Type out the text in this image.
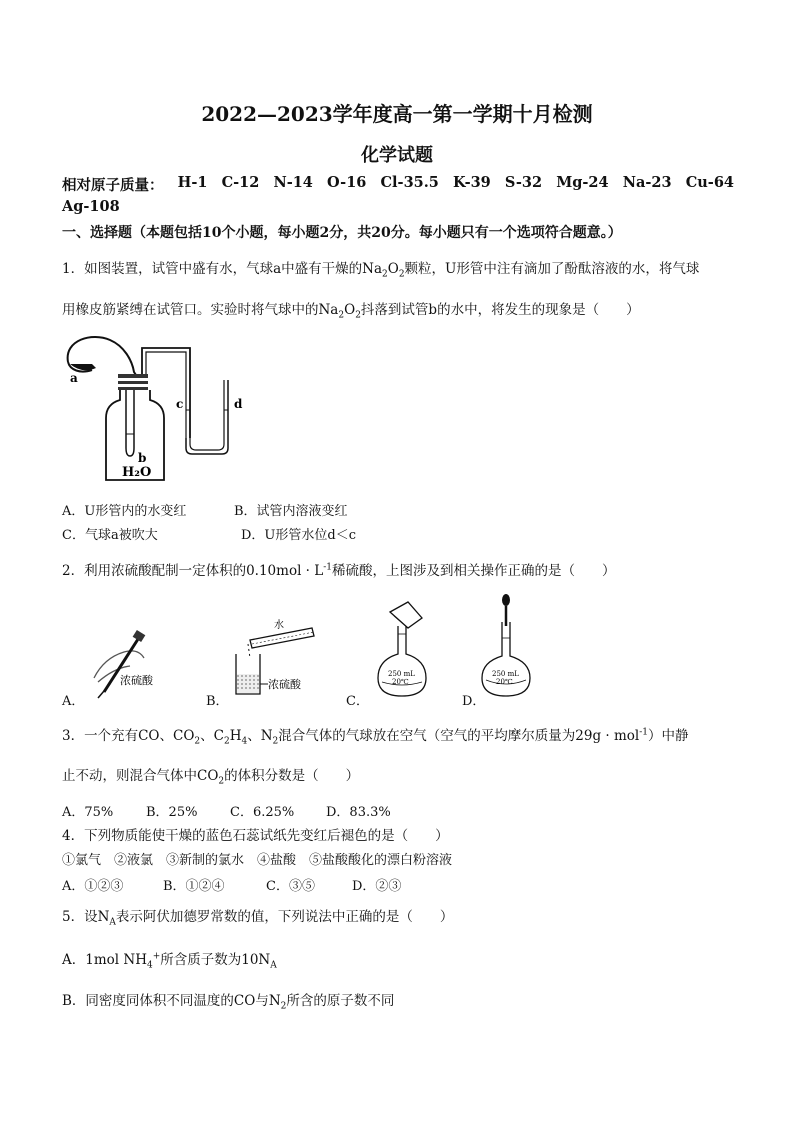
2022—2023学年度高一第一学期十月检测
化学试题
相对原子质量： H-1 C-12 N-14 O-16 Cl-35.5 K-39 S-32 Mg-24 Na-23 Cu-64
Ag-108
一、选择题（本题包括10个小题，每小题2分，共20分。每小题只有一个选项符合题意。）
1．如图装置，试管中盛有水，气球a中盛有干燥的$Na_2O_2$颗粒，U形管中注有滴加了酚酞溶液的水，将气球
用橡皮筋紧缚在试管口。实验时将气球中的$Na_2O_2$抖落到试管b的水中，将发生的现象是（　　）
a
b
H₂O
c	d
A．U形管内的水变红	B．试管内溶液变红
C．气球a被吹大	D．U形管水位d＜c
2．利用浓硫酸配制一定体积的$0.10mol \cdot L^{-1}$稀硫酸，上图涉及到相关操作正确的是（　　）
浓硫酸
水
浓硫酸
250 mL
20℃
250 mL
20℃
A．	B．	C．	D．
3．一个充有CO、$CO_2$、$C_2H_4$、$N_2$混合气体的气球放在空气（空气的平均摩尔质量为29g · mol$^{-1}$）中静
止不动，则混合气体中$CO_2$的体积分数是（　　）
A．75%	B．25%	C．6.25% D．83.3%
4．下列物质能使干燥的蓝色石蕊试纸先变红后褪色的是（　　）
①氯气　②液氯　③新制的氯水　④盐酸　⑤盐酸酸化的漂白粉溶液
A．①②③	B．①②④	C．③⑤	D．②③
5．设$N_A$表示阿伏加德罗常数的值，下列说法中正确的是（　　）
A．1mol $NH_4^+$所含质子数为$10N_A$
B．同密度同体积不同温度的CO与$N_2$所含的原子数不同
